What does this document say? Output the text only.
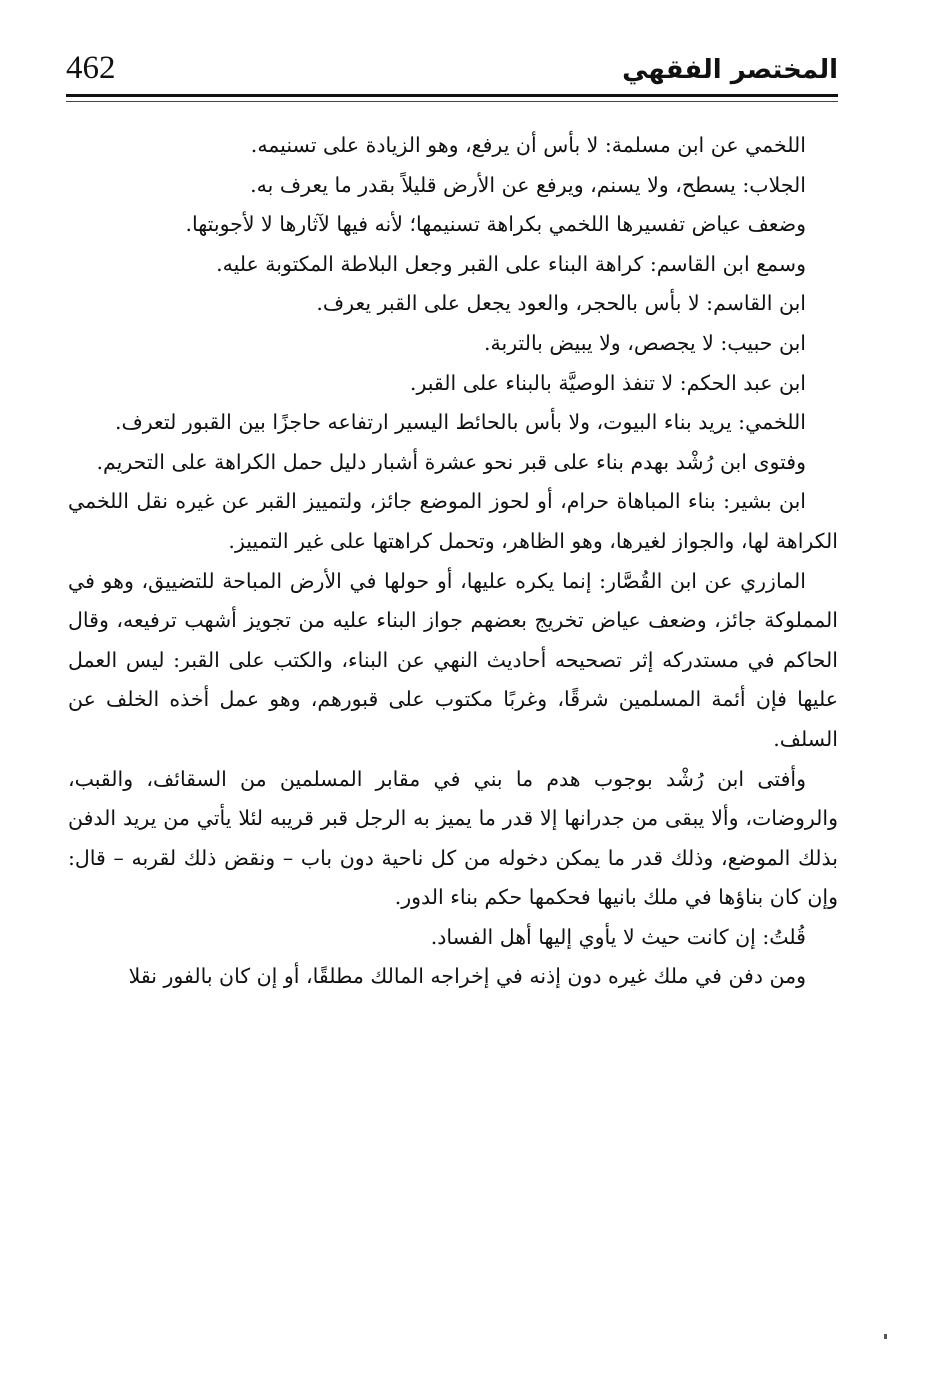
462	المختصر الفقهي

اللخمي عن ابن مسلمة: لا بأس أن يرفع، وهو الزيادة على تسنيمه.

الجلاب: يسطح، ولا يسنم، ويرفع عن الأرض قليلاً بقدر ما يعرف به.

وضعف عياض تفسيرها اللخمي بكراهة تسنيمها؛ لأنه فيها لآثارها لا لأجوبتها.

وسمع ابن القاسم: كراهة البناء على القبر وجعل البلاطة المكتوبة عليه.

ابن القاسم: لا بأس بالحجر، والعود يجعل على القبر يعرف.

ابن حبيب: لا يجصص، ولا يبيض بالتربة.

ابن عبد الحكم: لا تنفذ الوصيَّة بالبناء على القبر.

اللخمي: يريد بناء البيوت، ولا بأس بالحائط اليسير ارتفاعه حاجزًا بين القبور لتعرف.

وفتوى ابن رُشْد بهدم بناء على قبر نحو عشرة أشبار دليل حمل الكراهة على التحريم.

ابن بشير: بناء المباهاة حرام، أو لحوز الموضع جائز، ولتمييز القبر عن غيره نقل اللخمي الكراهة لها، والجواز لغيرها، وهو الظاهر، وتحمل كراهتها على غير التمييز.

المازري عن ابن القُصَّار: إنما يكره عليها، أو حولها في الأرض المباحة للتضييق، وهو في المملوكة جائز، وضعف عياض تخريج بعضهم جواز البناء عليه من تجويز أشهب ترفيعه، وقال الحاكم في مستدركه إثر تصحيحه أحاديث النهي عن البناء، والكتب على القبر: ليس العمل عليها فإن أئمة المسلمين شرقًا، وغربًا مكتوب على قبورهم، وهو عمل أخذه الخلف عن السلف.

وأفتى ابن رُشْد بوجوب هدم ما بني في مقابر المسلمين من السقائف، والقبب، والروضات، وألا يبقى من جدرانها إلا قدر ما يميز به الرجل قبر قريبه لئلا يأتي من يريد الدفن بذلك الموضع، وذلك قدر ما يمكن دخوله من كل ناحية دون باب – ونقض ذلك لقربه – قال: وإن كان بناؤها في ملك بانيها فحكمها حكم بناء الدور.

قُلتُ: إن كانت حيث لا يأوي إليها أهل الفساد.

ومن دفن في ملك غيره دون إذنه في إخراجه المالك مطلقًا، أو إن كان بالفور نقلا
